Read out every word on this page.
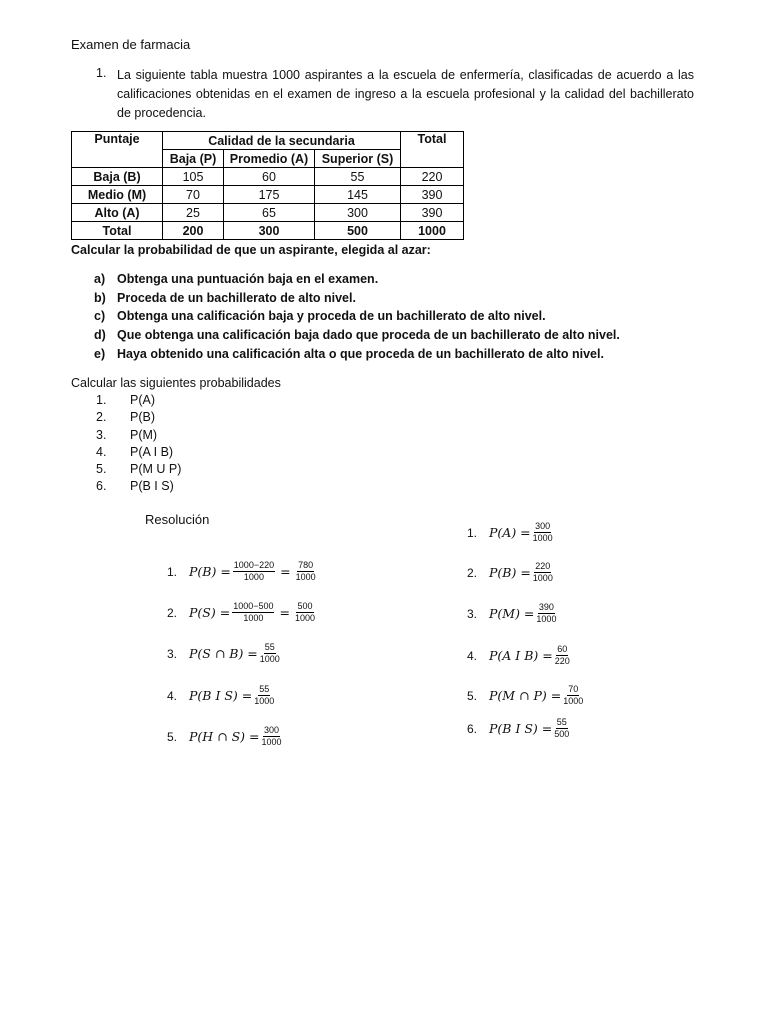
Examen de farmacia
1. La siguiente tabla muestra 1000 aspirantes a la escuela de enfermería, clasificadas de acuerdo a las calificaciones obtenidas en el examen de ingreso a la escuela profesional y la calidad del bachillerato de procedencia.
Puntaje	Calidad de la secundaria			Total
	Baja (P)	Promedio (A)	Superior (S)	
Baja (B)	105	60	55	220
Medio (M)	70	175	145	390
Alto (A)	25	65	300	390
Total	200	300	500	1000
Calcular la probabilidad de que un aspirante, elegida al azar:
a) Obtenga una puntuación baja en el examen.
b) Proceda de un bachillerato de alto nivel.
c) Obtenga una calificación baja y proceda de un bachillerato de alto nivel.
d) Que obtenga una calificación baja dado que proceda de un bachillerato de alto nivel.
e) Haya obtenido una calificación alta o que proceda de un bachillerato de alto nivel.
Calcular las siguientes probabilidades
1.	P(A)
2.	P(B)
3.	P(M)
4.	P(A I B)
5.	P(M U P)
6.	P(B I S)
Resolución
1. $P(B) = \frac{1000-220}{1000} = \frac{780}{1000}$
2. $P(S) = \frac{1000-500}{1000} = \frac{500}{1000}$
3. P(S ∩ $B) = \frac{55}{1000}$
4. P(B I $S) = \frac{55}{1000}$
5. P(H ∩ $S) = \frac{300}{1000}$
1. $P(A) = \frac{300}{1000}$
2. $P(B) = \frac{220}{1000}$
3. $P(M) = \frac{390}{1000}$
4. P(A I $B) = \frac{60}{220}$
5. P(M ∩ $P) = \frac{70}{1000}$
6. P(B I $S) = \frac{55}{500}$
